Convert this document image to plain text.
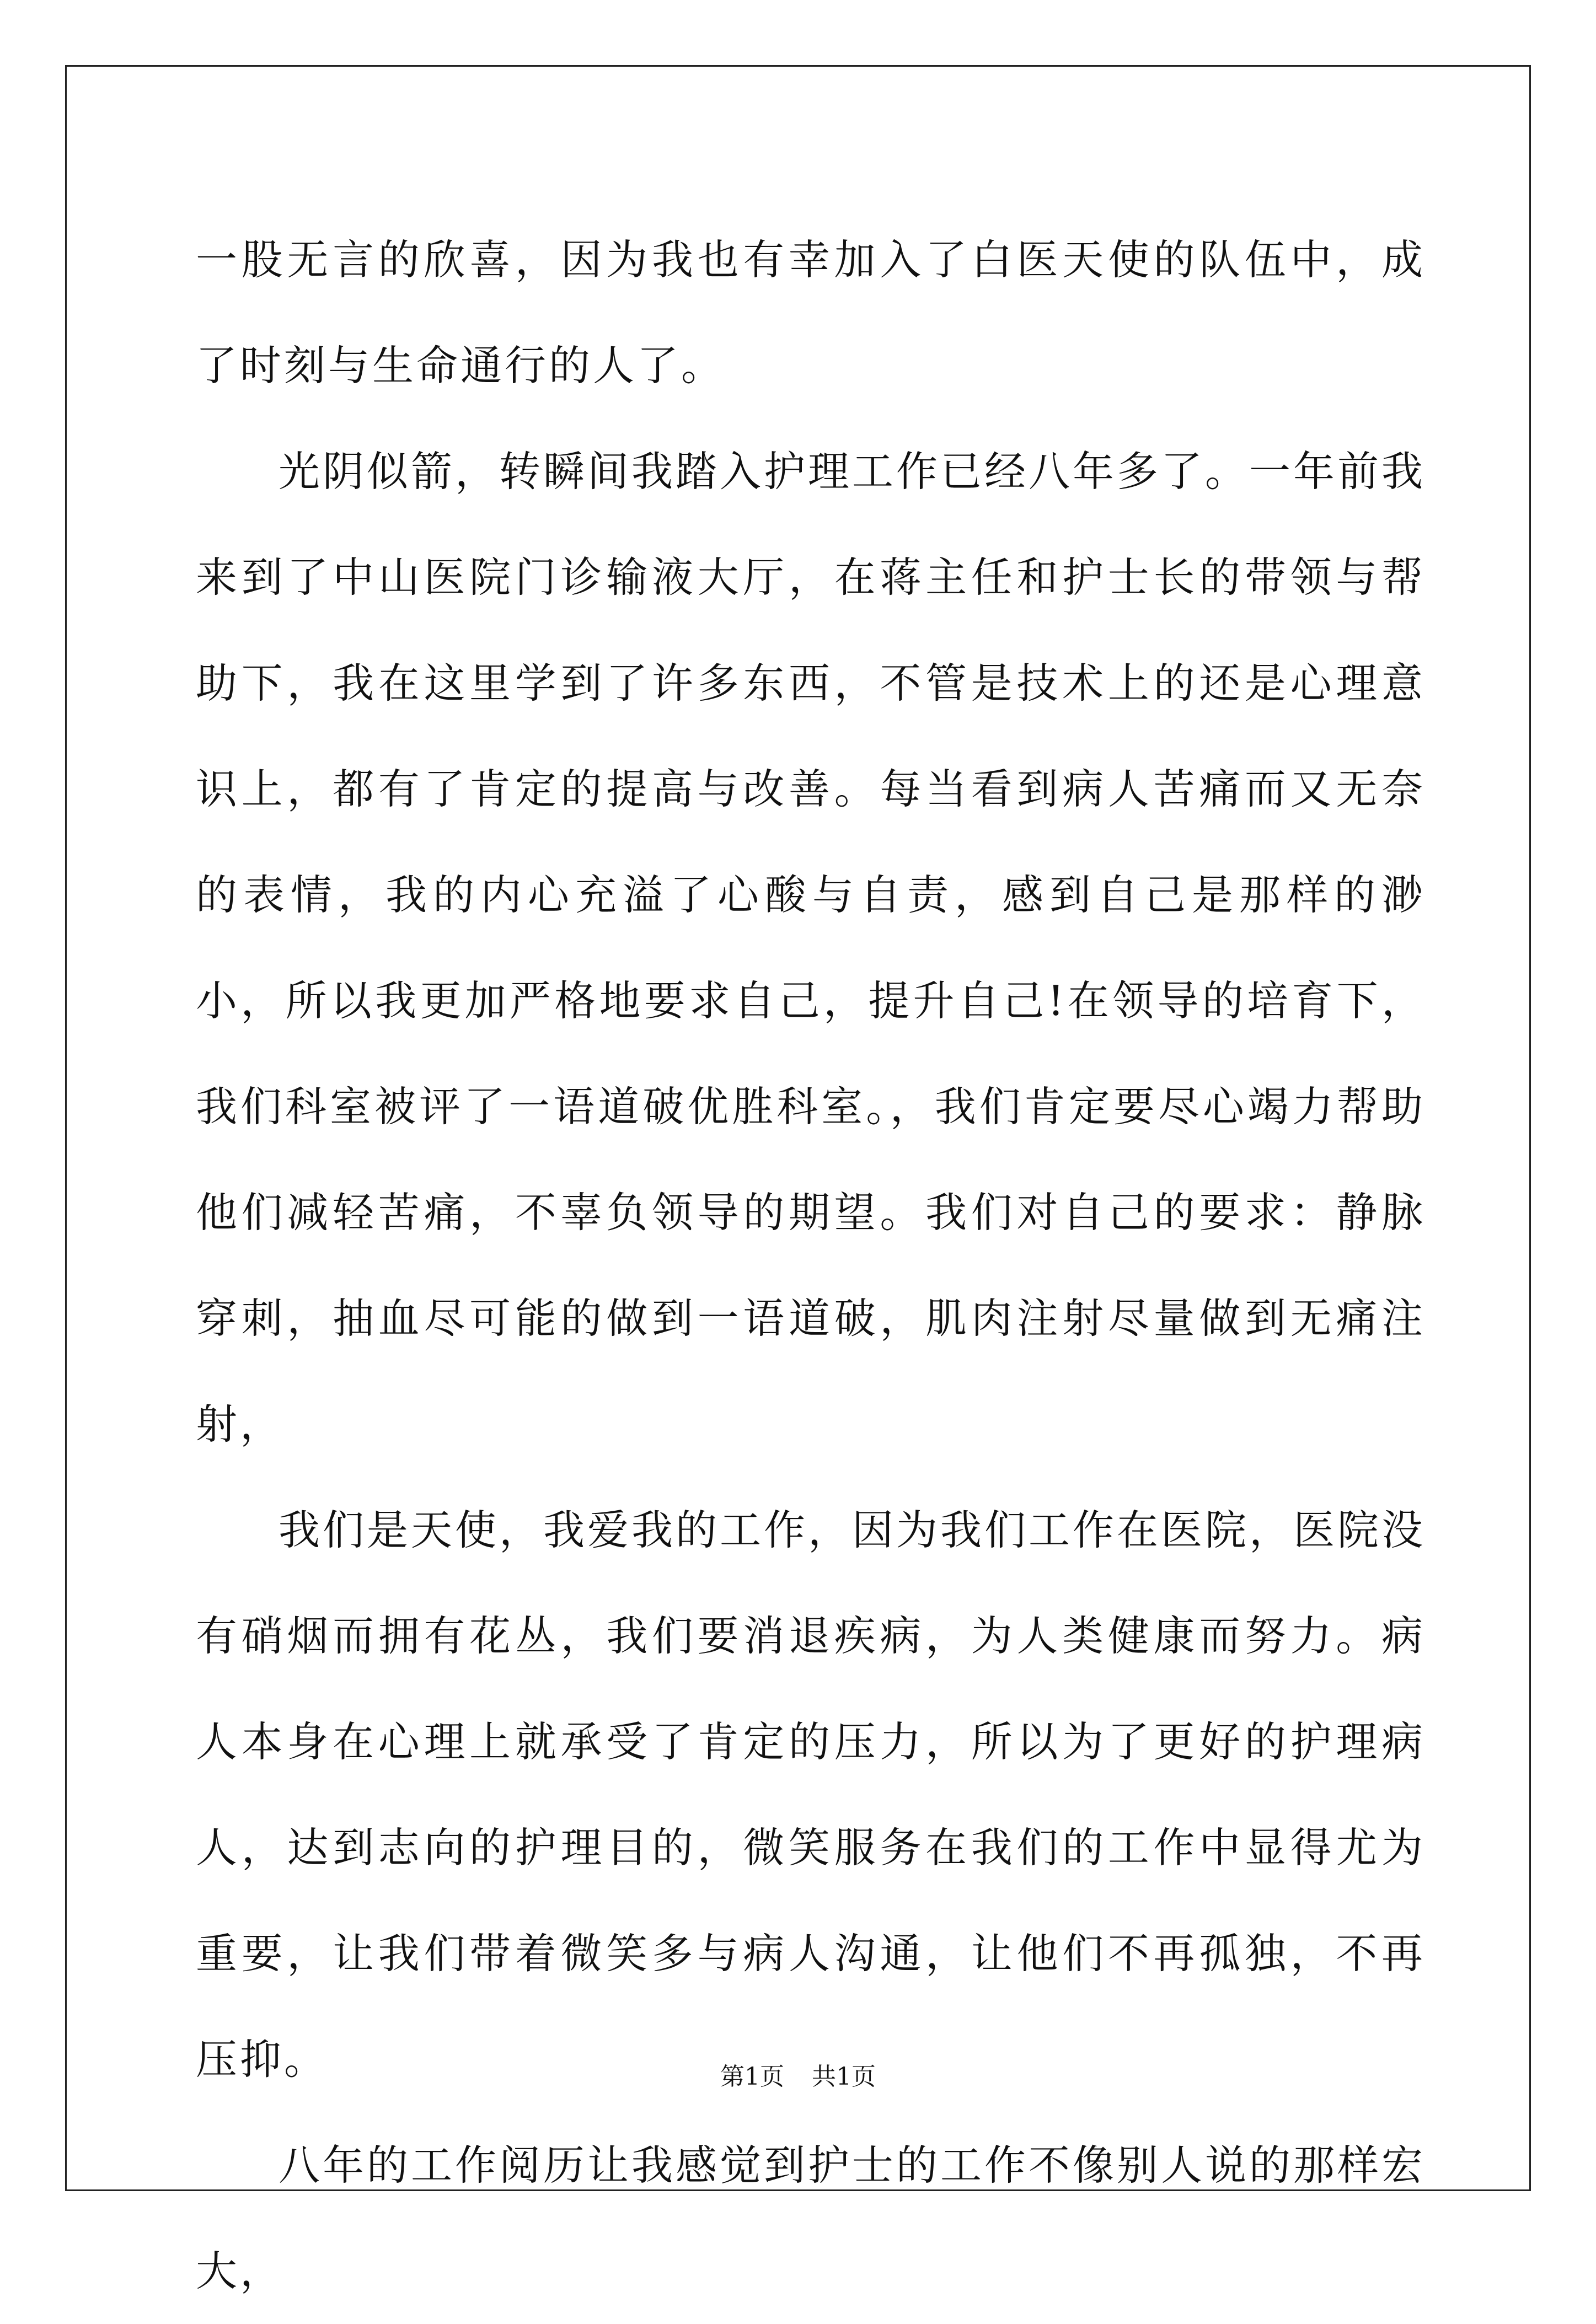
一股无言的欣喜，因为我也有幸加入了白医天使的队伍中，成了时刻与生命通行的人了。

光阴似箭，转瞬间我踏入护理工作已经八年多了。一年前我来到了中山医院门诊输液大厅，在蒋主任和护士长的带领与帮助下，我在这里学到了许多东西，不管是技术上的还是心理意识上，都有了肯定的提高与改善。每当看到病人苦痛而又无奈的表情，我的内心充溢了心酸与自责，感到自己是那样的渺小，所以我更加严格地要求自己，提升自己!在领导的培育下，我们科室被评了一语道破优胜科室。，我们肯定要尽心竭力帮助他们减轻苦痛，不辜负领导的期望。我们对自己的要求：静脉穿刺，抽血尽可能的做到一语道破，肌肉注射尽量做到无痛注射，

我们是天使，我爱我的工作，因为我们工作在医院，医院没有硝烟而拥有花丛，我们要消退疾病，为人类健康而努力。病人本身在心理上就承受了肯定的压力，所以为了更好的护理病人，达到志向的护理目的，微笑服务在我们的工作中显得尤为重要，让我们带着微笑多与病人沟通，让他们不再孤独，不再压抑。

八年的工作阅历让我感觉到护士的工作不像别人说的那样宏大，

第1页 共1页
